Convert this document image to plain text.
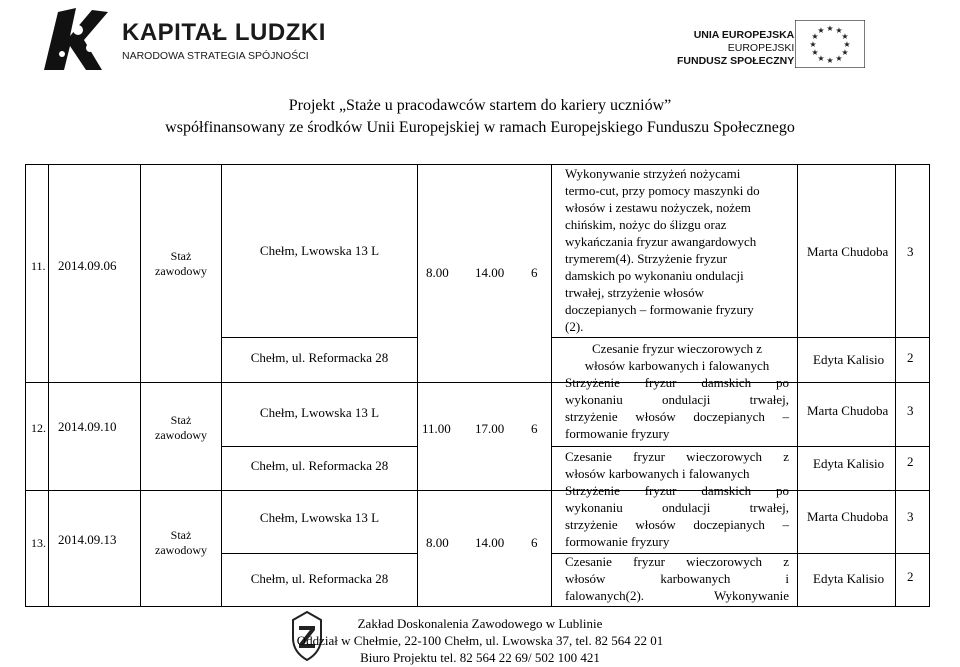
KAPITAŁ LUDZKI
NARODOWA STRATEGIA SPÓJNOŚCI
UNIA EUROPEJSKA
EUROPEJSKI
FUNDUSZ SPOŁECZNY
★ ★
★
★
★
★
★
★
★
★
★
★
Projekt „Staże u pracodawców startem do kariery uczniów”
współfinansowany ze środków Unii Europejskiej w ramach Europejskiego Funduszu Społecznego
11. 2014.09.06
Staż
zawodowy
Chełm, Lwowska 13 L
Chełm, ul. Reformacka 28
8.00 14.00 6
Wykonywanie strzyżeń nożycami
termo-cut, przy pomocy maszynki do
włosów i zestawu nożyczek, nożem
chińskim, nożyc do ślizgu oraz
wykańczania fryzur awangardowych
trymerem(4). Strzyżenie fryzur
damskich po wykonaniu ondulacji
trwałej, strzyżenie włosów
doczepianych – formowanie fryzury
(2).
Czesanie fryzur wieczorowych z
włosów karbowanych i falowanych
Marta Chudoba 3
Edyta Kalisio 2
12. 2014.09.10	Staż
zawodowy
Chełm, Lwowska 13 L
Chełm, ul. Reformacka 28
11.00 17.00 6
Strzyżenie fryzur damskich po
wykonaniu ondulacji trwałej,
strzyżenie włosów doczepianych –
formowanie fryzury
Czesanie fryzur wieczorowych z
włosów karbowanych i falowanych
Marta Chudoba 3
Edyta Kalisio 2
13. 2014.09.13	Staż
zawodowy
Chełm, Lwowska 13 L
Chełm, ul. Reformacka 28
8.00 14.00 6
Strzyżenie fryzur damskich po
wykonaniu ondulacji trwałej,
strzyżenie włosów doczepianych –
formowanie fryzury
Czesanie fryzur wieczorowych z
włosów karbowanych i
falowanych(2). Wykonywanie
Marta Chudoba 3
Edyta Kalisio 2
Zakład Doskonalenia Zawodowego w Lublinie
Oddział w Chełmie, 22-100 Chełm, ul. Lwowska 37, tel. 82 564 22 01
Biuro Projektu tel. 82 564 22 69/ 502 100 421
